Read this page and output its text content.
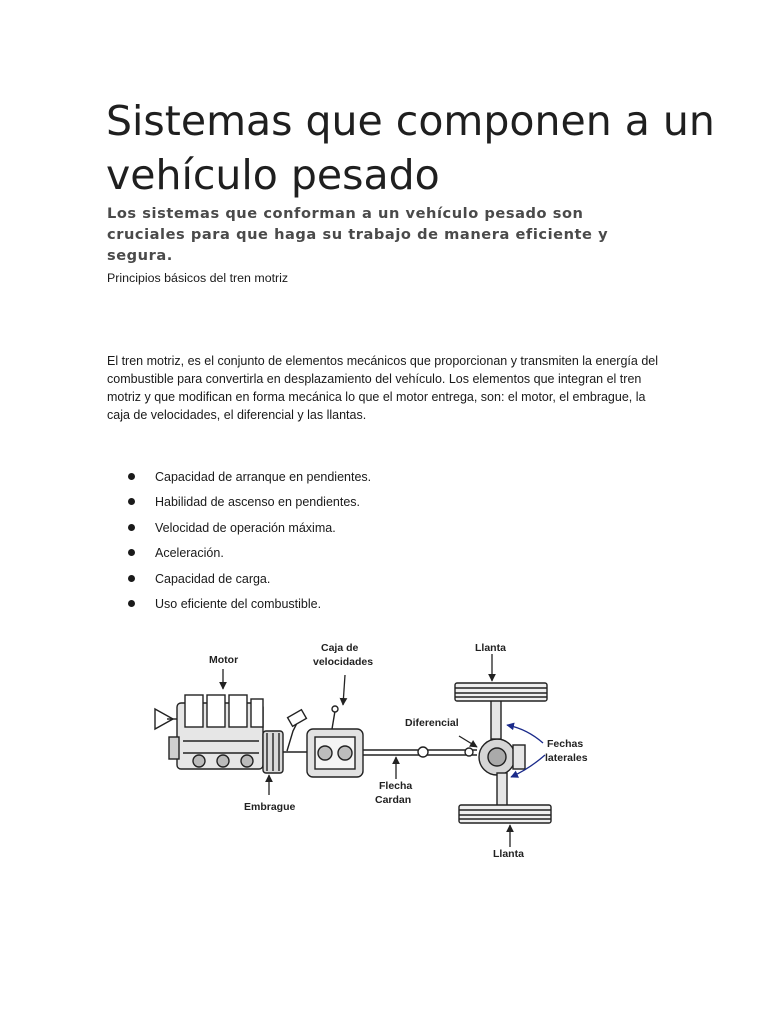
Sistemas que componen a un vehículo pesado

Los sistemas que conforman a un vehículo pesado son cruciales para que haga su trabajo de manera eficiente y segura.

Principios básicos del tren motriz

El tren motriz, es el conjunto de elementos mecánicos que proporcionan y transmiten la energía del combustible para convertirla en desplazamiento del vehículo. Los elementos que integran el tren motriz y que modifican en forma mecánica lo que el motor entrega, son: el motor, el embrague, la caja de velocidades, el diferencial y las llantas.

Capacidad de arranque en pendientes.
Habilidad de ascenso en pendientes.
Velocidad de operación máxima.
Aceleración.
Capacidad de carga.
Uso eficiente del combustible.
Motor
Caja de
velocidades
Embrague
Flecha
Cardan
Diferencial
Llanta
Llanta
Fechas
laterales
